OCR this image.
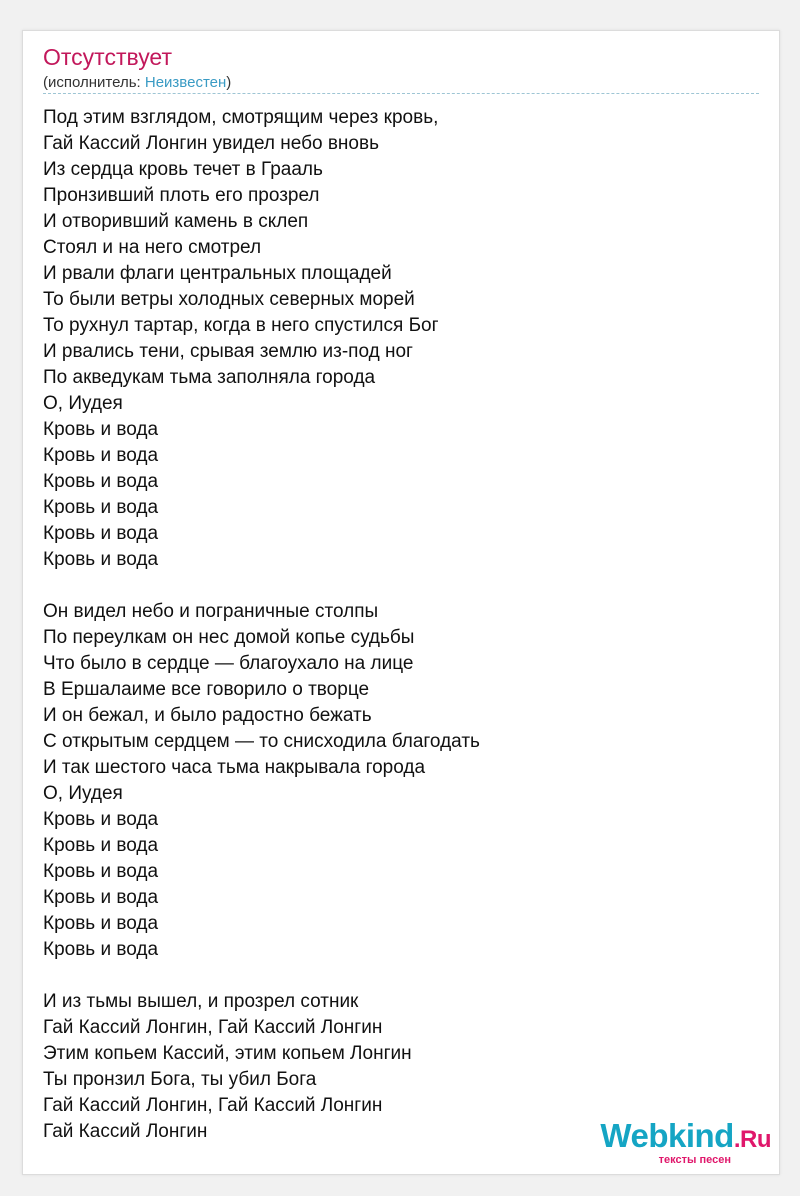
Отсутствует
(исполнитель: Неизвестен)
Под этим взглядом, смотрящим через кровь,
Гай Кассий Лонгин увидел небо вновь
Из сердца кровь течет в Грааль
Пронзивший плоть его прозрел
И отворивший камень в склеп
Стоял и на него смотрел
И рвали флаги центральных площадей
То были ветры холодных северных морей
То рухнул тартар, когда в него спустился Бог
И рвались тени, срывая землю из-под ног
По акведукам тьма заполняла города
О, Иудея
Кровь и вода
Кровь и вода
Кровь и вода
Кровь и вода
Кровь и вода
Кровь и вода
Он видел небо и пограничные столпы
По переулкам он нес домой копье судьбы
Что было в сердце — благоухало на лице
В Ершалаиме все говорило о творце
И он бежал, и было радостно бежать
С открытым сердцем — то снисходила благодать
И так шестого часа тьма накрывала города
О, Иудея
Кровь и вода
Кровь и вода
Кровь и вода
Кровь и вода
Кровь и вода
Кровь и вода
И из тьмы вышел, и прозрел сотник
Гай Кассий Лонгин, Гай Кассий Лонгин
Этим копьем Кассий, этим копьем Лонгин
Ты пронзил Бога, ты убил Бога
Гай Кассий Лонгин, Гай Кассий Лонгин
Гай Кассий Лонгин	Webkind.Ru
тексты песен
